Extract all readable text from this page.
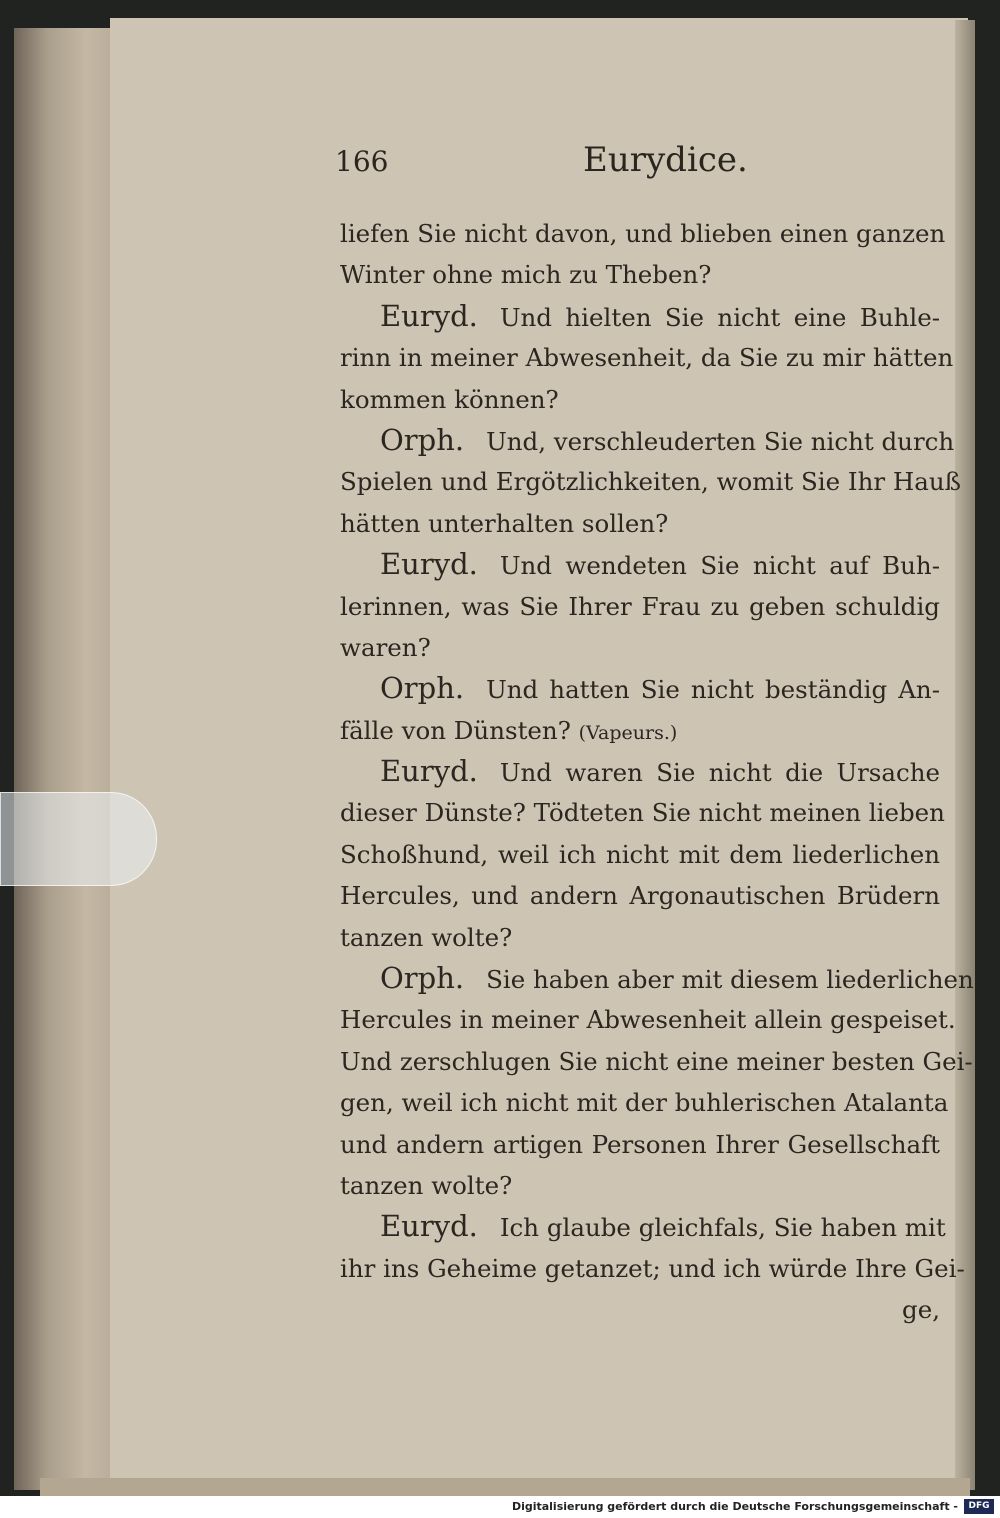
166	Eurydice.
liefen Sie nicht davon, und blieben einen ganzen
Winter ohne mich zu Theben?
Euryd. Und hielten Sie nicht eine Buhle-
rinn in meiner Abwesenheit, da Sie zu mir hätten
kommen können?
Orph. Und, verschleuderten Sie nicht durch
Spielen und Ergötzlichkeiten, womit Sie Ihr Hauß
hätten unterhalten sollen?
Euryd. Und wendeten Sie nicht auf Buh-
lerinnen, was Sie Ihrer Frau zu geben schuldig
waren?
Orph. Und hatten Sie nicht beständig An-
fälle von Dünsten? (Vapeurs.)
Euryd. Und waren Sie nicht die Ursache
dieser Dünste? Tödteten Sie nicht meinen lieben
Schoßhund, weil ich nicht mit dem liederlichen
Hercules, und andern Argonautischen Brüdern
tanzen wolte?
Orph. Sie haben aber mit diesem liederlichen
Hercules in meiner Abwesenheit allein gespeiset.
Und zerschlugen Sie nicht eine meiner besten Gei-
gen, weil ich nicht mit der buhlerischen Atalanta
und andern artigen Personen Ihrer Gesellschaft
tanzen wolte?
Euryd. Ich glaube gleichfals, Sie haben mit
ihr ins Geheime getanzet; und ich würde Ihre Gei-
ge,
Digitalisierung gefördert durch die Deutsche Forschungsgemeinschaft -	DFG
